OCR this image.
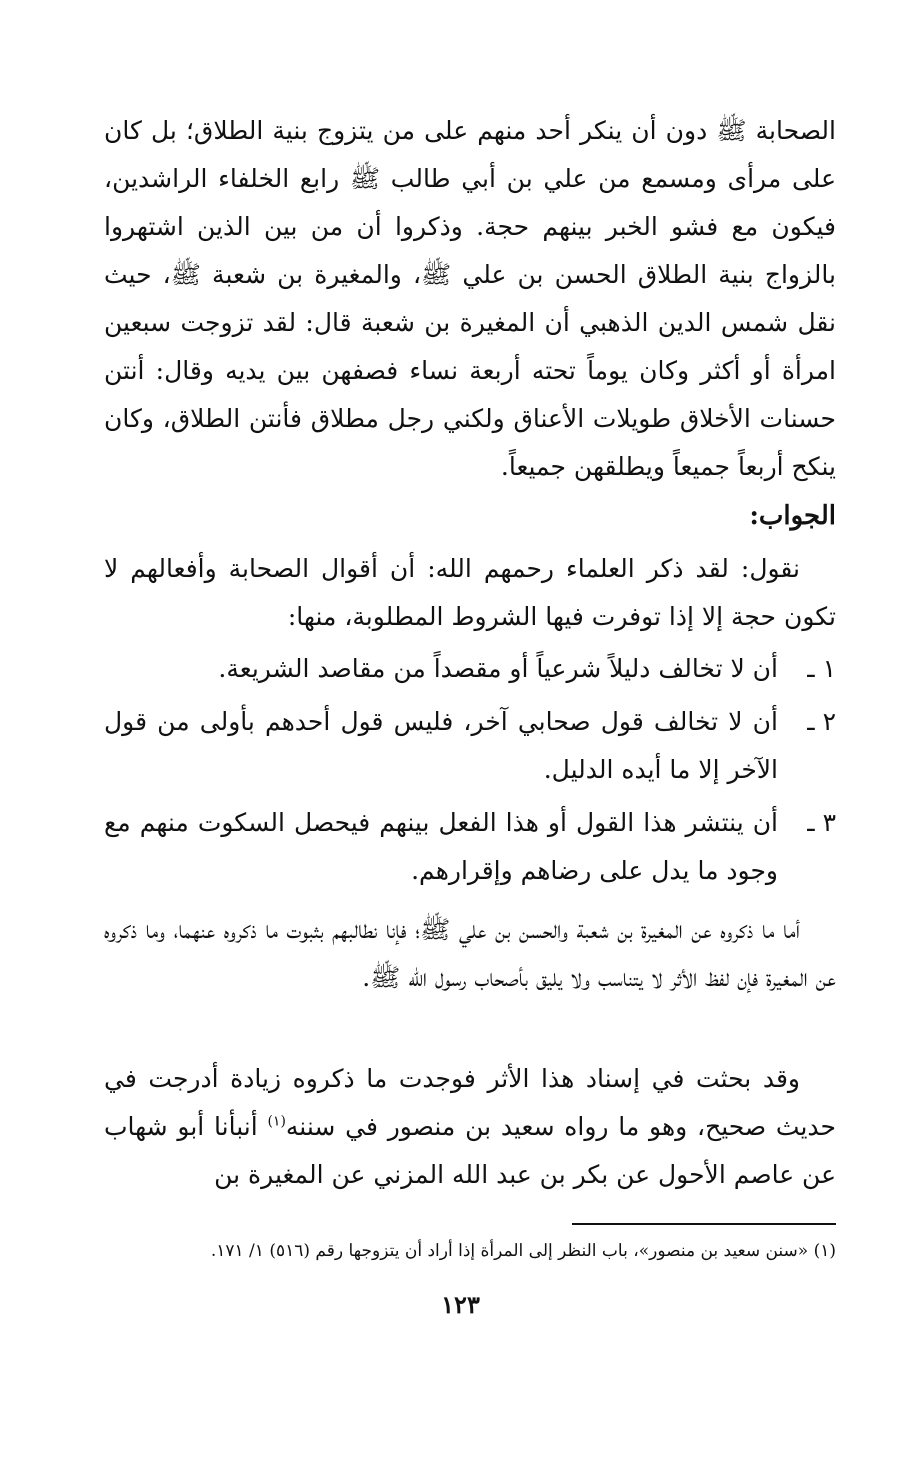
الصحابة ﷺ دون أن ينكر أحد منهم على من يتزوج بنية الطلاق؛ بل كان على مرأى ومسمع من علي بن أبي طالب ﷺ رابع الخلفاء الراشدين، فيكون مع فشو الخبر بينهم حجة. وذكروا أن من بين الذين اشتهروا بالزواج بنية الطلاق الحسن بن علي ﷺ، والمغيرة بن شعبة ﷺ، حيث نقل شمس الدين الذهبي أن المغيرة بن شعبة قال: لقد تزوجت سبعين امرأة أو أكثر وكان يوماً تحته أربعة نساء فصفهن بين يديه وقال: أنتن حسنات الأخلاق طويلات الأعناق ولكني رجل مطلاق فأنتن الطلاق، وكان ينكح أربعاً جميعاً ويطلقهن جميعاً.

الجواب:

نقول: لقد ذكر العلماء رحمهم الله: أن أقوال الصحابة وأفعالهم لا تكون حجة إلا إذا توفرت فيها الشروط المطلوبة، منها:

١ ـ
أن لا تخالف دليلاً شرعياً أو مقصداً من مقاصد الشريعة.
٢ ـ
أن لا تخالف قول صحابي آخر، فليس قول أحدهم بأولى من قول الآخر إلا ما أيده الدليل.
٣ ـ
أن ينتشر هذا القول أو هذا الفعل بينهم فيحصل السكوت منهم مع وجود ما يدل على رضاهم وإقرارهم.

أما ما ذكروه عن المغيرة بن شعبة والحسن بن علي ﷺ؛ فإنا نطالبهم بثبوت ما ذكروه عنهما، وما ذكروه عن المغيرة فإن لفظ الأثر لا يتناسب ولا يليق بأصحاب رسول الله ﷺ.

وقد بحثت في إسناد هذا الأثر فوجدت ما ذكروه زيادة أدرجت في حديث صحيح، وهو ما رواه سعيد بن منصور في سننه$^{(١)}$ أنبأنا أبو شهاب عن عاصم الأحول عن بكر بن عبد الله المزني عن المغيرة بن

(١) «سنن سعيد بن منصور»، باب النظر إلى المرأة إذا أراد أن يتزوجها رقم (٥١٦) ١/ ١٧١.
١٢٣
